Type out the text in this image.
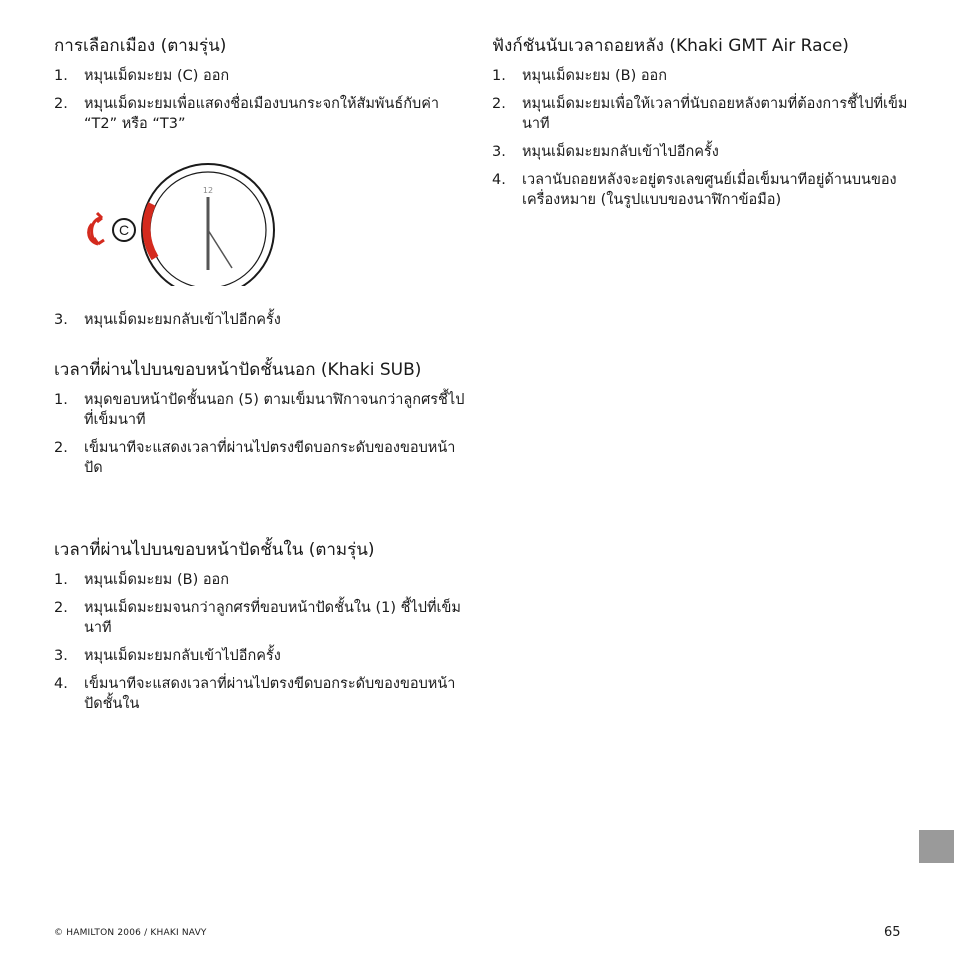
การเลือกเมือง (ตามรุ่น)
1. หมุนเม็ดมะยม (C) ออก
2. หมุนเม็ดมะยมเพื่อแสดงชื่อเมืองบนกระจกให้สัมพันธ์กับค่า “T2” หรือ “T3”
3. หมุนเม็ดมะยมกลับเข้าไปอีกครั้ง
เวลาที่ผ่านไปบนขอบหน้าปัดชั้นนอก (Khaki SUB)
1. หมุดขอบหน้าปัดชั้นนอก (5) ตามเข็มนาฬิกาจนกว่าลูกศรชี้ไปที่เข็มนาที
2. เข็มนาทีจะแสดงเวลาที่ผ่านไปตรงขีดบอกระดับของขอบหน้าปัด
เวลาที่ผ่านไปบนขอบหน้าปัดชั้นใน (ตามรุ่น)
1. หมุนเม็ดมะยม (B) ออก
2. หมุนเม็ดมะยมจนกว่าลูกศรที่ขอบหน้าปัดชั้นใน (1) ชี้ไปที่เข็มนาที
3. หมุนเม็ดมะยมกลับเข้าไปอีกครั้ง
4. เข็มนาทีจะแสดงเวลาที่ผ่านไปตรงขีดบอกระดับของขอบหน้าปัดชั้นใน
C
12
ฟังก์ชันนับเวลาถอยหลัง (Khaki GMT Air Race)
1. หมุนเม็ดมะยม (B) ออก
2. หมุนเม็ดมะยมเพื่อให้เวลาที่นับถอยหลังตามที่ต้องการชี้ไปที่เข็มนาที
3. หมุนเม็ดมะยมกลับเข้าไปอีกครั้ง
4. เวลานับถอยหลังจะอยู่ตรงเลขศูนย์เมื่อเข็มนาทีอยู่ด้านบนของเครื่องหมาย (ในรูปแบบของนาฬิกาข้อมือ)
© HAMILTON 2006 / KHAKI NAVY	65
